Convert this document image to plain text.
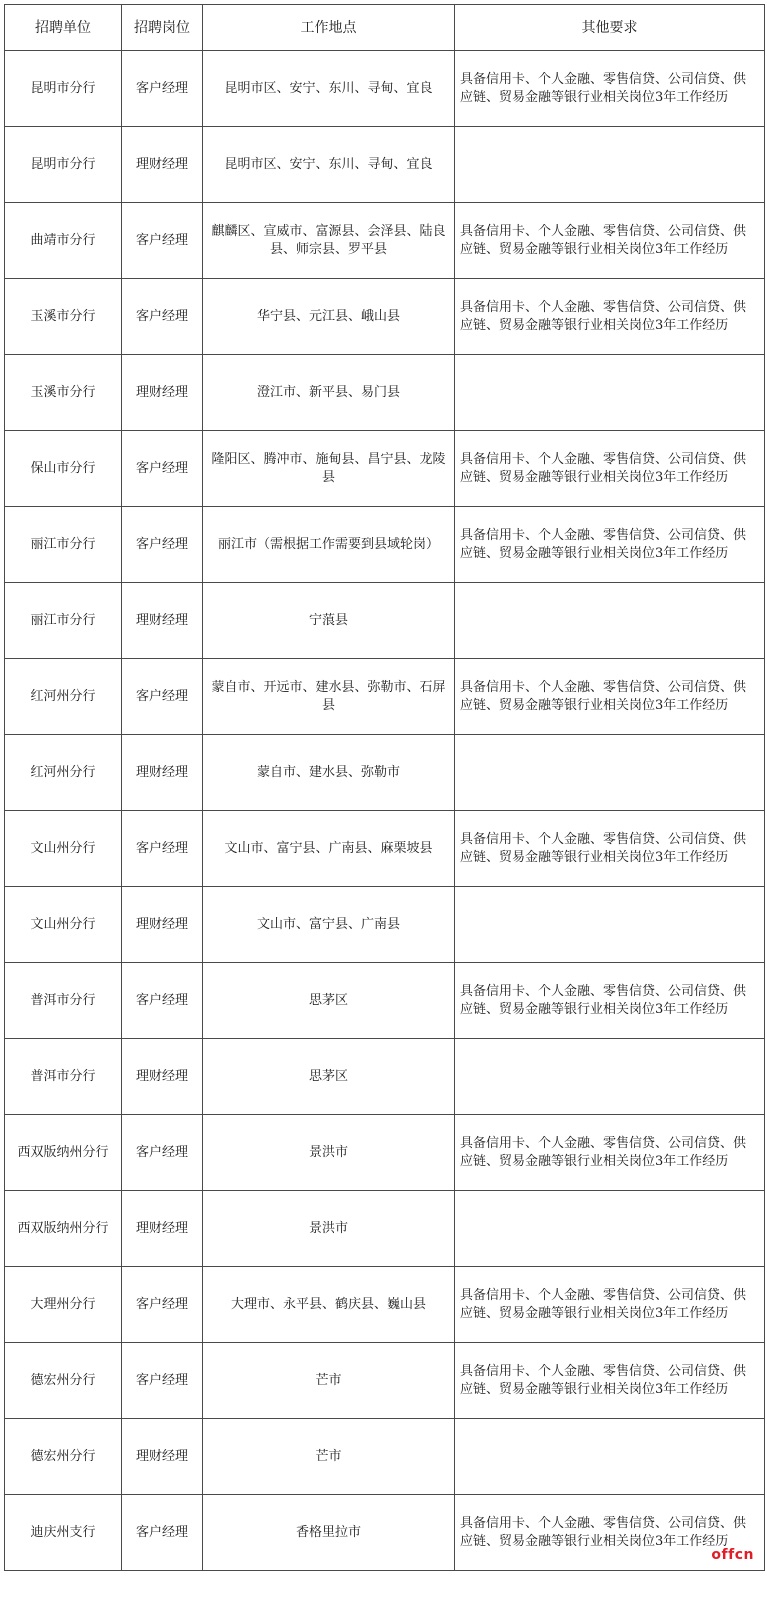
招聘单位	招聘岗位	工作地点	其他要求
昆明市分行	客户经理	昆明市区、安宁、东川、寻甸、宜良	具备信用卡、个人金融、零售信贷、公司信贷、供应链、贸易金融等银行业相关岗位3年工作经历
昆明市分行	理财经理	昆明市区、安宁、东川、寻甸、宜良	
曲靖市分行	客户经理	麒麟区、宣威市、富源县、会泽县、陆良县、师宗县、罗平县	具备信用卡、个人金融、零售信贷、公司信贷、供应链、贸易金融等银行业相关岗位3年工作经历
玉溪市分行	客户经理	华宁县、元江县、峨山县	具备信用卡、个人金融、零售信贷、公司信贷、供应链、贸易金融等银行业相关岗位3年工作经历
玉溪市分行	理财经理	澄江市、新平县、易门县	
保山市分行	客户经理	隆阳区、腾冲市、施甸县、昌宁县、龙陵县	具备信用卡、个人金融、零售信贷、公司信贷、供应链、贸易金融等银行业相关岗位3年工作经历
丽江市分行	客户经理	丽江市（需根据工作需要到县域轮岗）	具备信用卡、个人金融、零售信贷、公司信贷、供应链、贸易金融等银行业相关岗位3年工作经历
丽江市分行	理财经理	宁蒗县	
红河州分行	客户经理	蒙自市、开远市、建水县、弥勒市、石屏县	具备信用卡、个人金融、零售信贷、公司信贷、供应链、贸易金融等银行业相关岗位3年工作经历
红河州分行	理财经理	蒙自市、建水县、弥勒市	
文山州分行	客户经理	文山市、富宁县、广南县、麻栗坡县	具备信用卡、个人金融、零售信贷、公司信贷、供应链、贸易金融等银行业相关岗位3年工作经历
文山州分行	理财经理	文山市、富宁县、广南县	
普洱市分行	客户经理	思茅区	具备信用卡、个人金融、零售信贷、公司信贷、供应链、贸易金融等银行业相关岗位3年工作经历
普洱市分行	理财经理	思茅区	
西双版纳州分行	客户经理	景洪市	具备信用卡、个人金融、零售信贷、公司信贷、供应链、贸易金融等银行业相关岗位3年工作经历
西双版纳州分行	理财经理	景洪市	
大理州分行	客户经理	大理市、永平县、鹤庆县、巍山县	具备信用卡、个人金融、零售信贷、公司信贷、供应链、贸易金融等银行业相关岗位3年工作经历
德宏州分行	客户经理	芒市	具备信用卡、个人金融、零售信贷、公司信贷、供应链、贸易金融等银行业相关岗位3年工作经历
德宏州分行	理财经理	芒市	
迪庆州支行	客户经理	香格里拉市	具备信用卡、个人金融、零售信贷、公司信贷、供应链、贸易金融等银行业相关岗位3年工作经历
offcn
